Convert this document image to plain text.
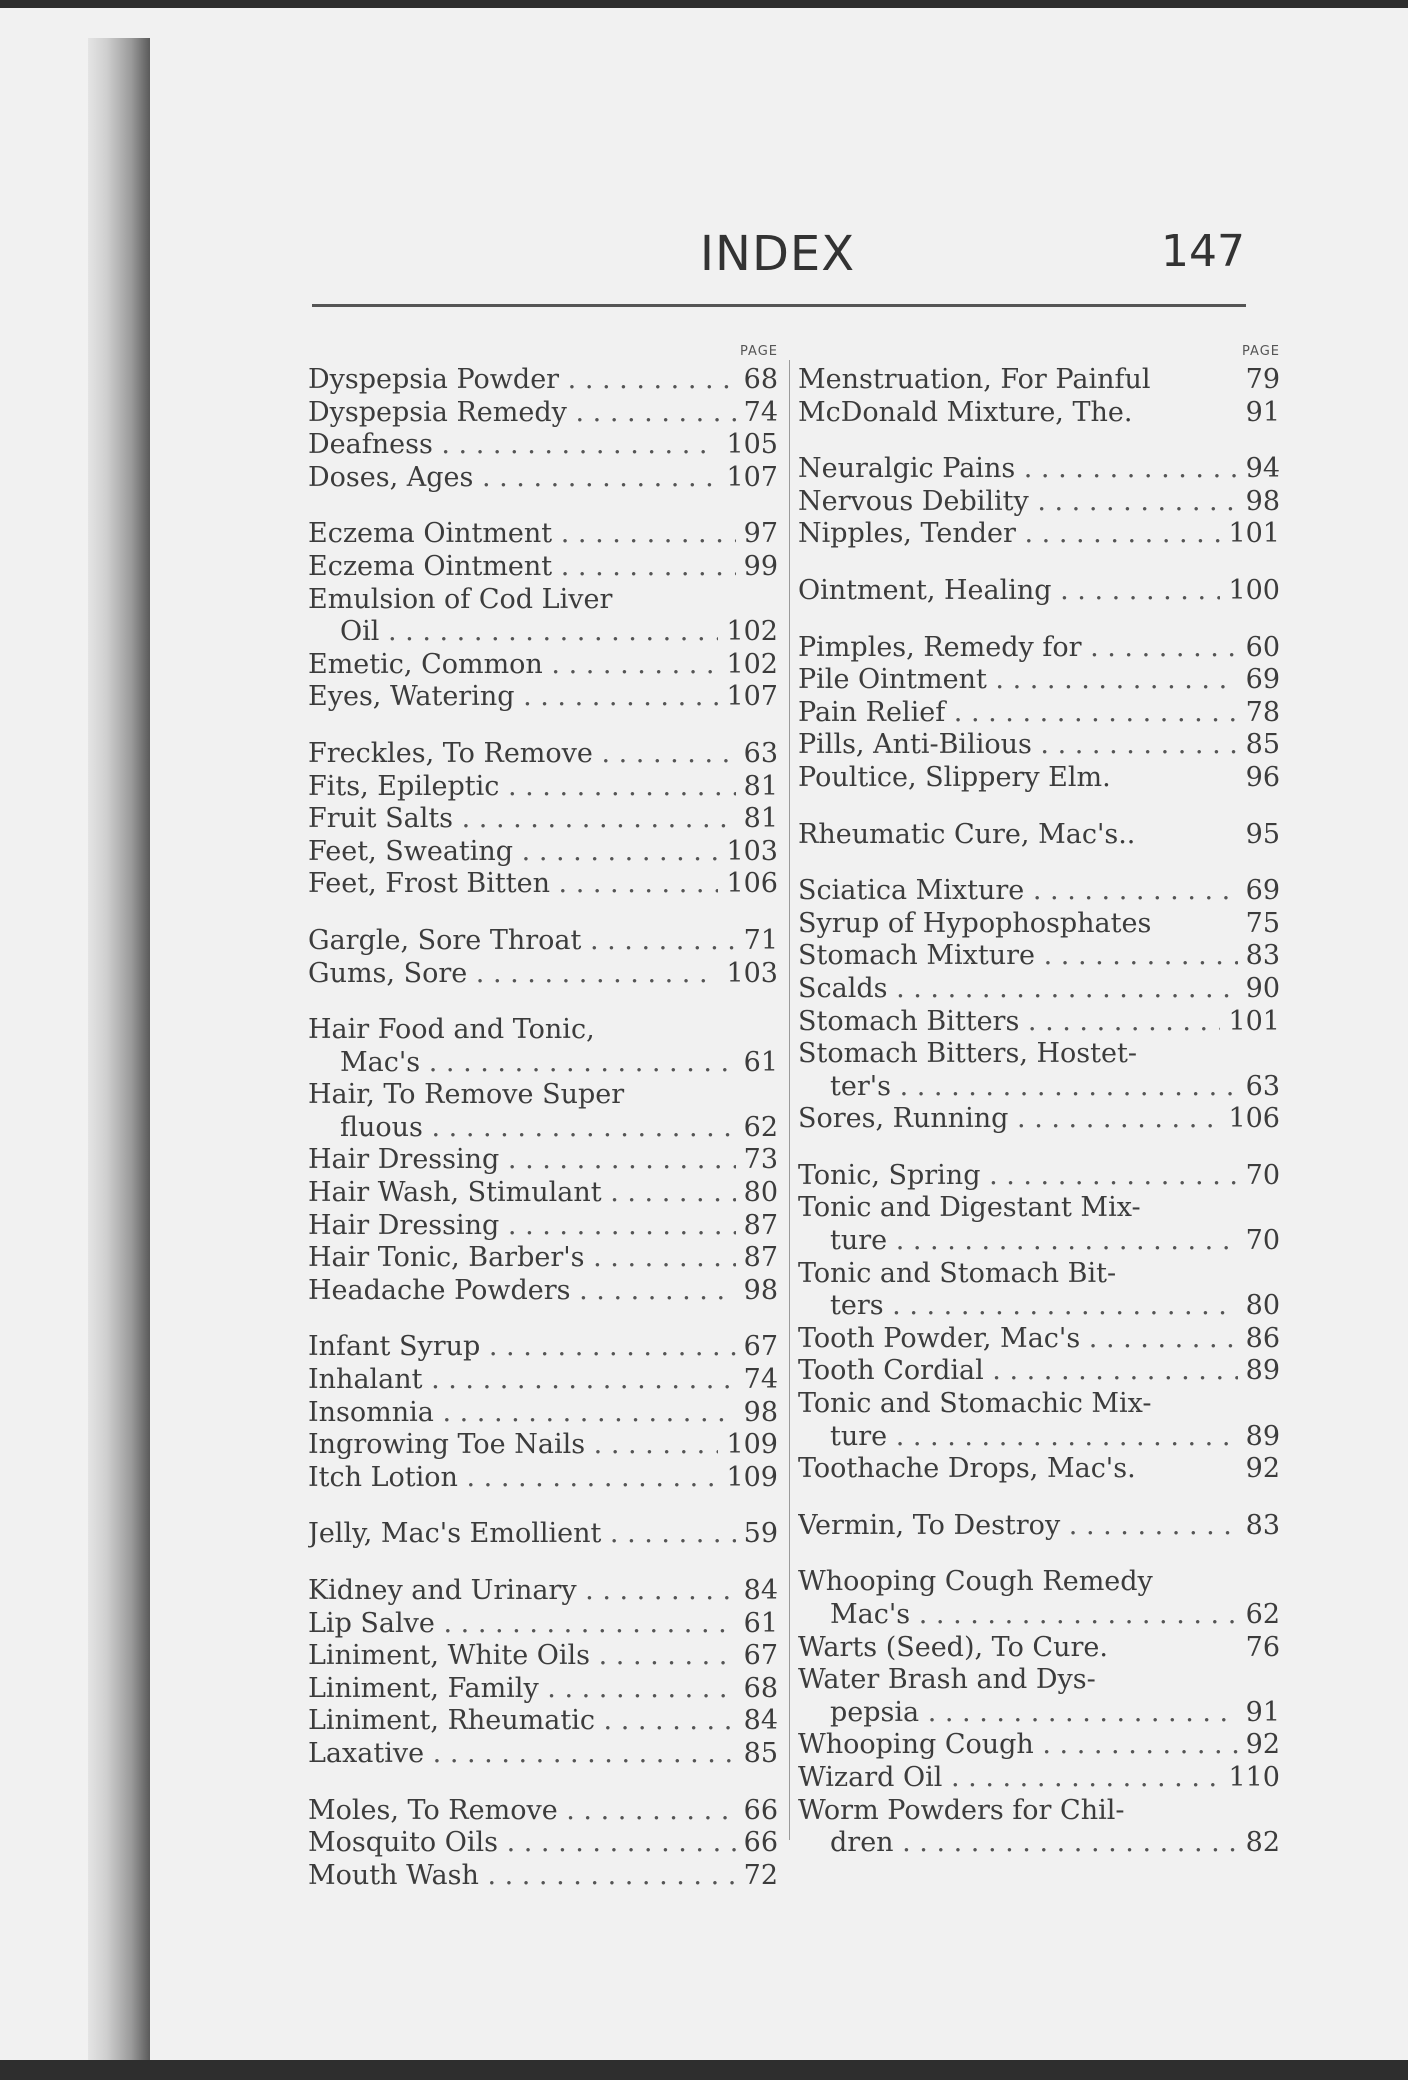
INDEX	147
PAGE
Dyspepsia Powder . . .	68
Dyspepsia Remedy . . .	74
Deafness . . .	105
Doses, Ages . . .	107
Eczema Ointment . . .	97
Eczema Ointment . . .	99
Emulsion of Cod Liver
Oil . . .	102
Emetic, Common . . .	102
Eyes, Watering . . .	107
Freckles, To Remove . . .	63
Fits, Epileptic . . .	81
Fruit Salts . . .	81
Feet, Sweating . . .	103
Feet, Frost Bitten . . .	106
Gargle, Sore Throat . . .	71
Gums, Sore . . .	103
Hair Food and Tonic,
Mac's . . .	61
Hair, To Remove Super
fluous . . .	62
Hair Dressing . . .	73
Hair Wash, Stimulant . . .	80
Hair Dressing . . .	87
Hair Tonic, Barber's . . .	87
Headache Powders . . .	98
Infant Syrup . . .	67
Inhalant . . .	74
Insomnia . . .	98
Ingrowing Toe Nails . . .	109
Itch Lotion . . .	109
Jelly, Mac's Emollient . . .	59
Kidney and Urinary . . .	84
Lip Salve . . .	61
Liniment, White Oils . . .	67
Liniment, Family . . .	68
Liniment, Rheumatic . . .	84
Laxative . . .	85
Moles, To Remove . . .	66
Mosquito Oils . . .	66
Mouth Wash . . .	72
PAGE
Menstruation, For Painful	79
McDonald Mixture, The.	91
Neuralgic Pains . . .	94
Nervous Debility . . .	98
Nipples, Tender . . .	101
Ointment, Healing . . .	100
Pimples, Remedy for . . .	60
Pile Ointment . . .	69
Pain Relief . . .	78
Pills, Anti-Bilious . . .	85
Poultice, Slippery Elm.	96
Rheumatic Cure, Mac's..	95
Sciatica Mixture . . .	69
Syrup of Hypophosphates	75
Stomach Mixture . . .	83
Scalds . . .	90
Stomach Bitters . . .	101
Stomach Bitters, Hostet-
ter's . . .	63
Sores, Running . . .	106
Tonic, Spring . . .	70
Tonic and Digestant Mix-
ture . . .	70
Tonic and Stomach Bit-
ters . . .	80
Tooth Powder, Mac's . . .	86
Tooth Cordial . . .	89
Tonic and Stomachic Mix-
ture . . .	89
Toothache Drops, Mac's.	92
Vermin, To Destroy . . .	83
Whooping Cough Remedy
Mac's . . .	62
Warts (Seed), To Cure.	76
Water Brash and Dys-
pepsia . . .	91
Whooping Cough . . .	92
Wizard Oil . . .	110
Worm Powders for Chil-
dren . . .	82
